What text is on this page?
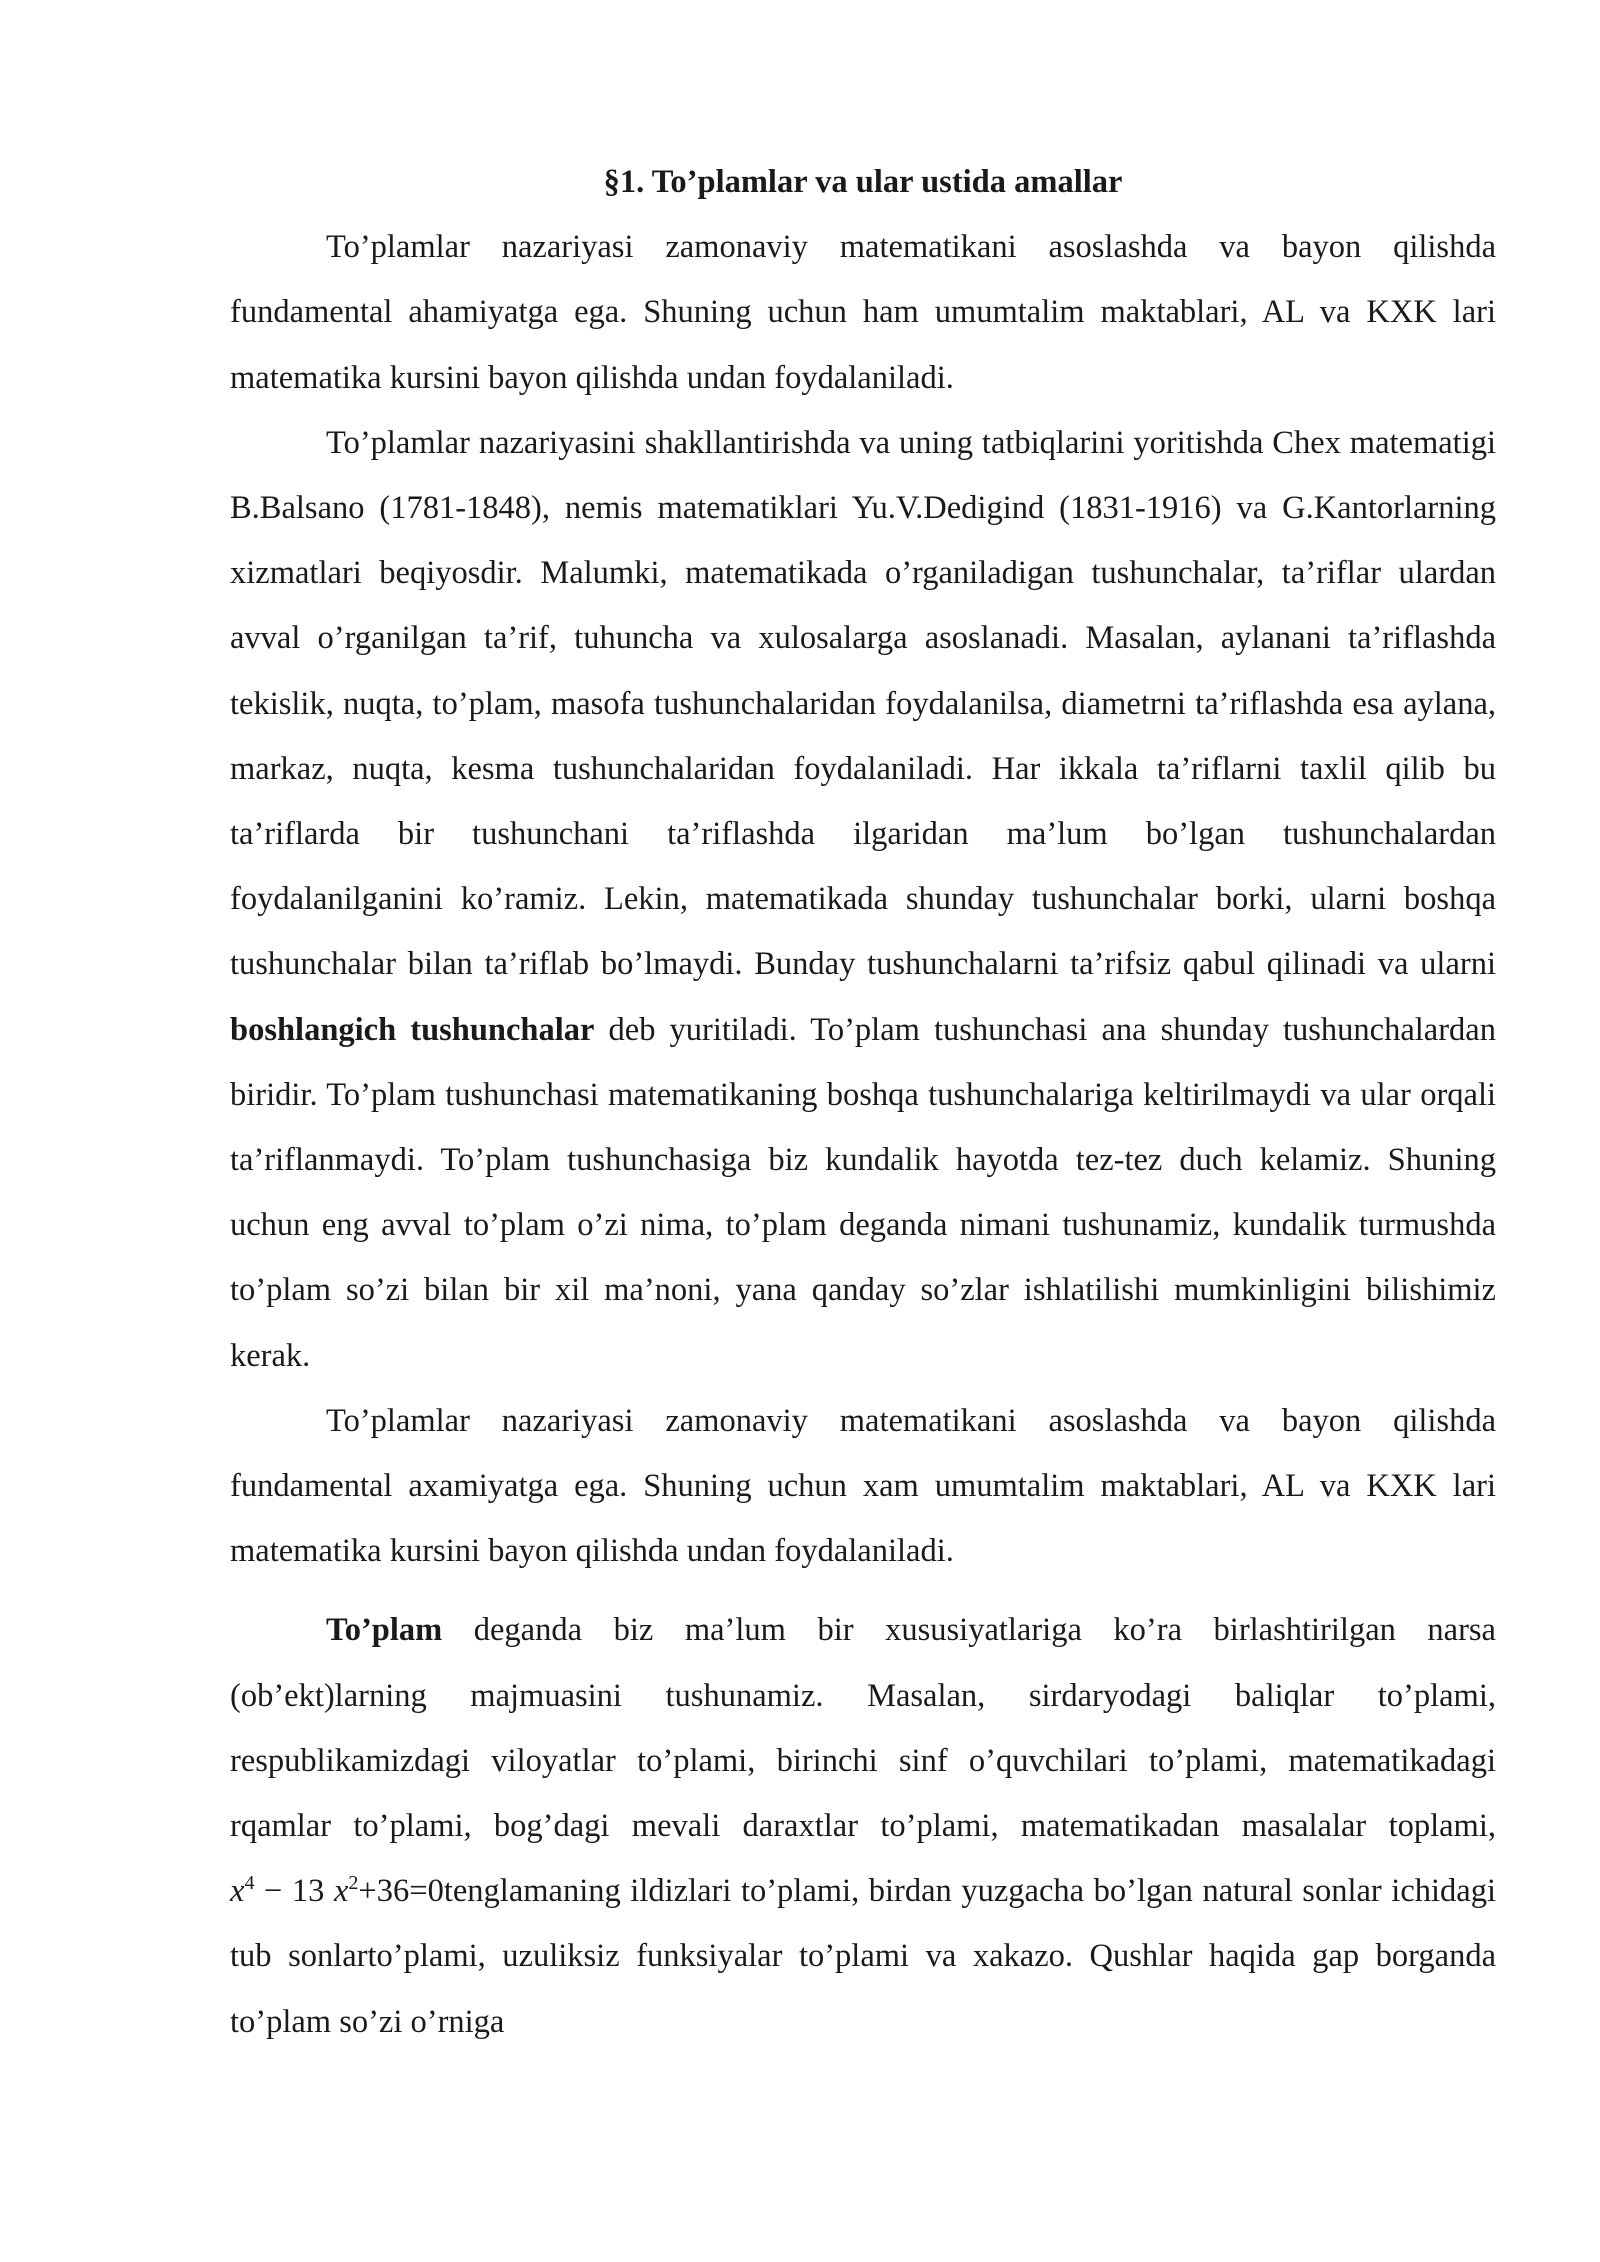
§1. To’plamlar va ular ustida amallar

To’plamlar nazariyasi zamonaviy matematikani asoslashda va bayon qilishda fundamental ahamiyatga ega. Shuning uchun ham umumtalim maktablari, AL va KXK lari matematika kursini bayon qilishda undan foydalaniladi.

To’plamlar nazariyasini shakllantirishda va uning tatbiqlarini yoritishda Chex matematigi B.Balsano (1781-1848), nemis matematiklari Yu.V.Dedigind (1831-1916) va G.Kantorlarning xizmatlari beqiyosdir. Malumki, matematikada o’rganiladigan tushunchalar, ta’riflar ulardan avval o’rganilgan ta’rif, tuhuncha va xulosalarga asoslanadi. Masalan, aylanani ta’riflashda tekislik, nuqta, to’plam, masofa tushunchalaridan foydalanilsa, diametrni ta’riflashda esa aylana, markaz, nuqta, kesma tushunchalaridan foydalaniladi. Har ikkala ta’riflarni taxlil qilib bu ta’riflarda bir tushunchani ta’riflashda ilgaridan ma’lum bo’lgan tushunchalardan foydalanilganini ko’ramiz. Lekin, matematikada shunday tushunchalar borki, ularni boshqa tushunchalar bilan ta’riflab bo’lmaydi. Bunday tushunchalarni ta’rifsiz qabul qilinadi va ularni boshlangich tushunchalar deb yuritiladi. To’plam tushunchasi ana shunday tushunchalardan biridir. To’plam tushunchasi matematikaning boshqa tushunchalariga keltirilmaydi va ular orqali ta’riflanmaydi. To’plam tushunchasiga biz kundalik hayotda tez-tez duch kelamiz. Shuning uchun eng avval to’plam o’zi nima, to’plam deganda nimani tushunamiz, kundalik turmushda to’plam so’zi bilan bir xil ma’noni, yana qanday so’zlar ishlatilishi mumkinligini bilishimiz kerak.

To’plamlar nazariyasi zamonaviy matematikani asoslashda va bayon qilishda fundamental axamiyatga ega. Shuning uchun xam umumtalim maktablari, AL va KXK lari matematika kursini bayon qilishda undan foydalaniladi.

To’plam deganda biz ma’lum bir xususiyatlariga ko’ra birlashtirilgan narsa (ob’ekt)larning majmuasini tushunamiz. Masalan, sirdaryodagi baliqlar to’plami, respublikamizdagi viloyatlar to’plami, birinchi sinf o’quvchilari to’plami, matematikadagi rqamlar to’plami, bog’dagi mevali daraxtlar to’plami, matematikadan masalalar toplami, $x^4 - 13$ $x^2+36=0tenglamaning$ ildizlari to’plami, birdan yuzgacha bo’lgan natural sonlar ichidagi tub sonlarto’plami, uzuliksiz funksiyalar to’plami va xakazo. Qushlar haqida gap borganda to’plam so’zi o’rniga
